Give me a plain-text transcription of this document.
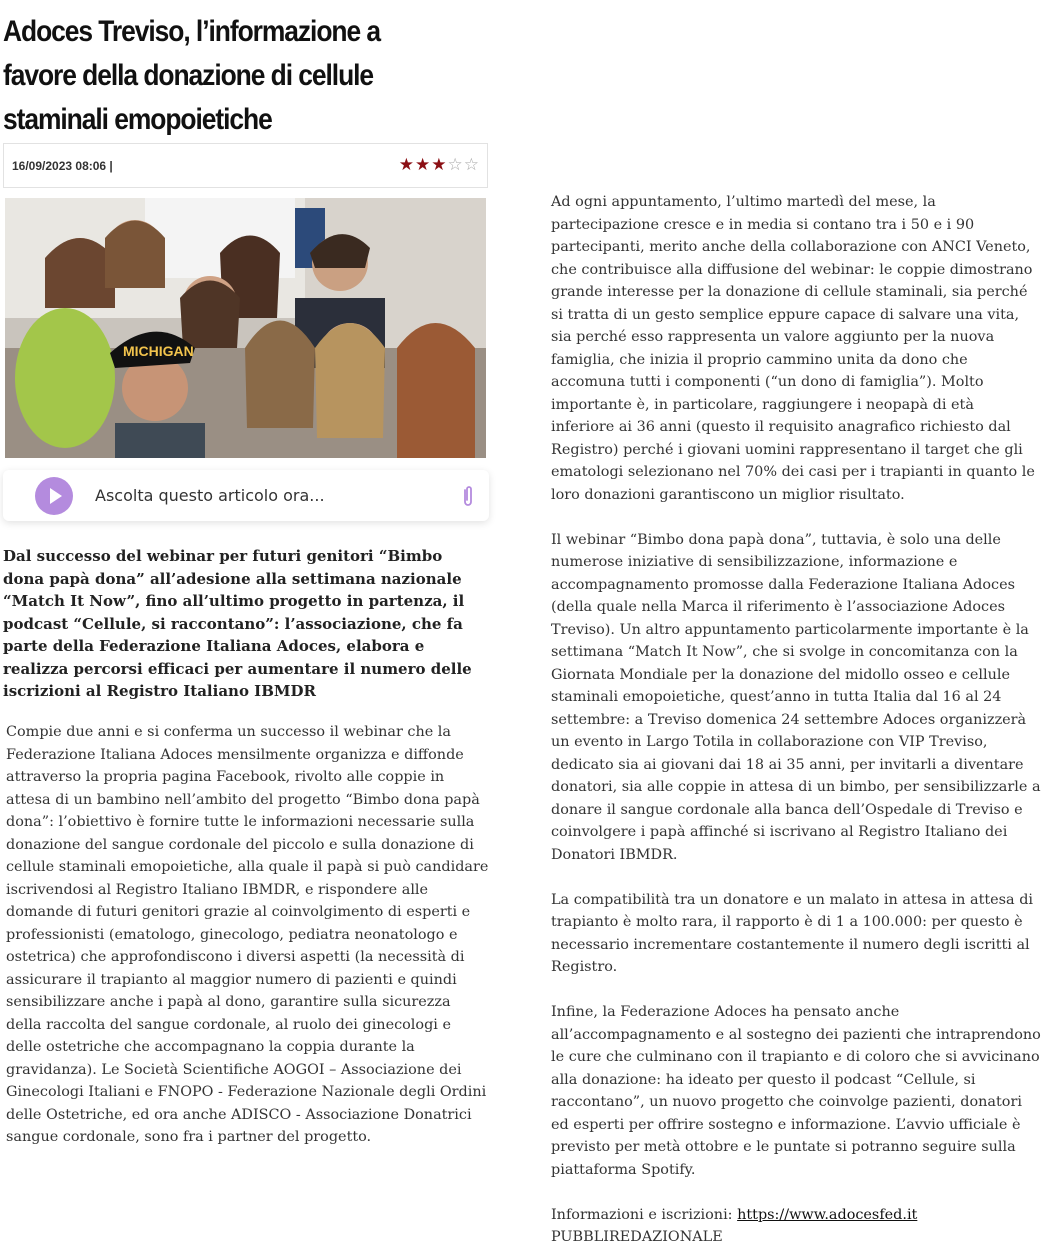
Adoces Treviso, l’informazione a favore della donazione di cellule staminali emopoietiche
16/09/2023 08:06 |	★ ★ ★ ☆ ☆
MICHIGAN
Ascolta questo articolo ora...

Dal successo del webinar per futuri genitori “Bimbo dona papà dona” all’adesione alla settimana nazionale “Match It Now”, fino all’ultimo progetto in partenza, il podcast “Cellule, si raccontano”: l’associazione, che fa parte della Federazione Italiana Adoces, elabora e realizza percorsi efficaci per aumentare il numero delle iscrizioni al Registro Italiano IBMDR

Compie due anni e si conferma un successo il webinar che la Federazione Italiana Adoces mensilmente organizza e diffonde attraverso la propria pagina Facebook, rivolto alle coppie in attesa di un bambino nell’ambito del progetto “Bimbo dona papà dona”: l’obiettivo è fornire tutte le informazioni necessarie sulla donazione del sangue cordonale del piccolo e sulla donazione di cellule staminali emopoietiche, alla quale il papà si può candidare iscrivendosi al Registro Italiano IBMDR, e rispondere alle domande di futuri genitori grazie al coinvolgimento di esperti e professionisti (ematologo, ginecologo, pediatra neonatologo e ostetrica) che approfondiscono i diversi aspetti (la necessità di assicurare il trapianto al maggior numero di pazienti e quindi sensibilizzare anche i papà al dono, garantire sulla sicurezza della raccolta del sangue cordonale, al ruolo dei ginecologi e delle ostetriche che accompagnano la coppia durante la gravidanza). Le Società Scientifiche AOGOI – Associazione dei Ginecologi Italiani e FNOPO - Federazione Nazionale degli Ordini delle Ostetriche, ed ora anche ADISCO - Associazione Donatrici sangue cordonale, sono fra i partner del progetto.

Ad ogni appuntamento, l’ultimo martedì del mese, la partecipazione cresce e in media si contano tra i 50 e i 90 partecipanti, merito anche della collaborazione con ANCI Veneto, che contribuisce alla diffusione del webinar: le coppie dimostrano grande interesse per la donazione di cellule staminali, sia perché si tratta di un gesto semplice eppure capace di salvare una vita, sia perché esso rappresenta un valore aggiunto per la nuova famiglia, che inizia il proprio cammino unita da dono che accomuna tutti i componenti (“un dono di famiglia”). Molto importante è, in particolare, raggiungere i neopapà di età inferiore ai 36 anni (questo il requisito anagrafico richiesto dal Registro) perché i giovani uomini rappresentano il target che gli ematologi selezionano nel 70% dei casi per i trapianti in quanto le loro donazioni garantiscono un miglior risultato.

Il webinar “Bimbo dona papà dona”, tuttavia, è solo una delle numerose iniziative di sensibilizzazione, informazione e accompagnamento promosse dalla Federazione Italiana Adoces (della quale nella Marca il riferimento è l’associazione Adoces Treviso). Un altro appuntamento particolarmente importante è la settimana “Match It Now”, che si svolge in concomitanza con la Giornata Mondiale per la donazione del midollo osseo e cellule staminali emopoietiche, quest’anno in tutta Italia dal 16 al 24 settembre: a Treviso domenica 24 settembre Adoces organizzerà un evento in Largo Totila in collaborazione con VIP Treviso, dedicato sia ai giovani dai 18 ai 35 anni, per invitarli a diventare donatori, sia alle coppie in attesa di un bimbo, per sensibilizzarle a donare il sangue cordonale alla banca dell’Ospedale di Treviso e coinvolgere i papà affinché si iscrivano al Registro Italiano dei Donatori IBMDR.

La compatibilità tra un donatore e un malato in attesa in attesa di trapianto è molto rara, il rapporto è di 1 a 100.000: per questo è necessario incrementare costantemente il numero degli iscritti al Registro.

Infine, la Federazione Adoces ha pensato anche all’accompagnamento e al sostegno dei pazienti che intraprendono le cure che culminano con il trapianto e di coloro che si avvicinano alla donazione: ha ideato per questo il podcast “Cellule, si raccontano”, un nuovo progetto che coinvolge pazienti, donatori ed esperti per offrire sostegno e informazione. L’avvio ufficiale è previsto per metà ottobre e le puntate si potranno seguire sulla piattaforma Spotify.

Informazioni e iscrizioni: https://www.adocesfed.it

PUBBLIREDAZIONALE
